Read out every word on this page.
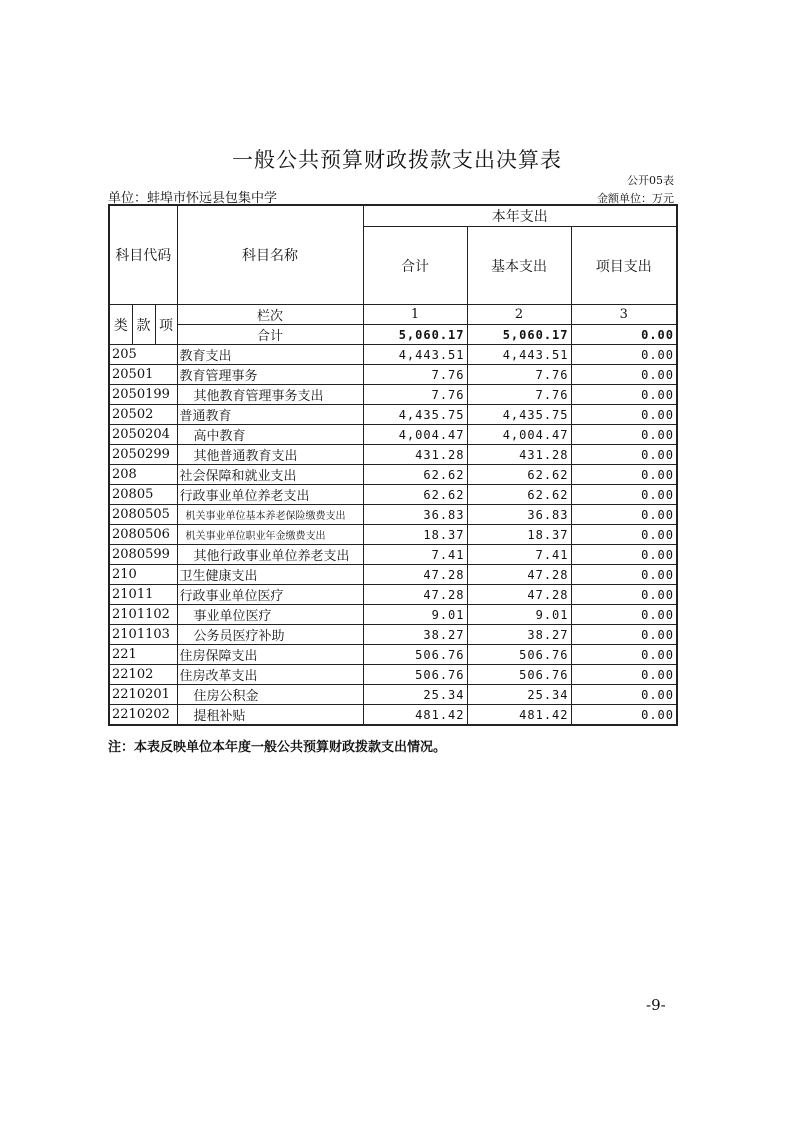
一般公共预算财政拨款支出决算表
公开05表
单位：蚌埠市怀远县包集中学	金额单位：万元
科目代码			科目名称	本年支出		
				合计	基本支出	项目支出

类	款	项	栏次	1	2	3
			合计	5,060.17	5,060.17	0.00
205			教育支出	4,443.51	4,443.51	0.00
20501			教育管理事务	7.76	7.76	0.00
2050199			其他教育管理事务支出	7.76	7.76	0.00
20502			普通教育	4,435.75	4,435.75	0.00
2050204			高中教育	4,004.47	4,004.47	0.00
2050299			其他普通教育支出	431.28	431.28	0.00
208			社会保障和就业支出	62.62	62.62	0.00
20805			行政事业单位养老支出	62.62	62.62	0.00
2080505			机关事业单位基本养老保险缴费支出	36.83	36.83	0.00
2080506			机关事业单位职业年金缴费支出	18.37	18.37	0.00
2080599			其他行政事业单位养老支出	7.41	7.41	0.00
210			卫生健康支出	47.28	47.28	0.00
21011			行政事业单位医疗	47.28	47.28	0.00
2101102			事业单位医疗	9.01	9.01	0.00
2101103			公务员医疗补助	38.27	38.27	0.00
221			住房保障支出	506.76	506.76	0.00
22102			住房改革支出	506.76	506.76	0.00
2210201			住房公积金	25.34	25.34	0.00
2210202			提租补贴	481.42	481.42	0.00
注：本表反映单位本年度一般公共预算财政拨款支出情况。
-9-
